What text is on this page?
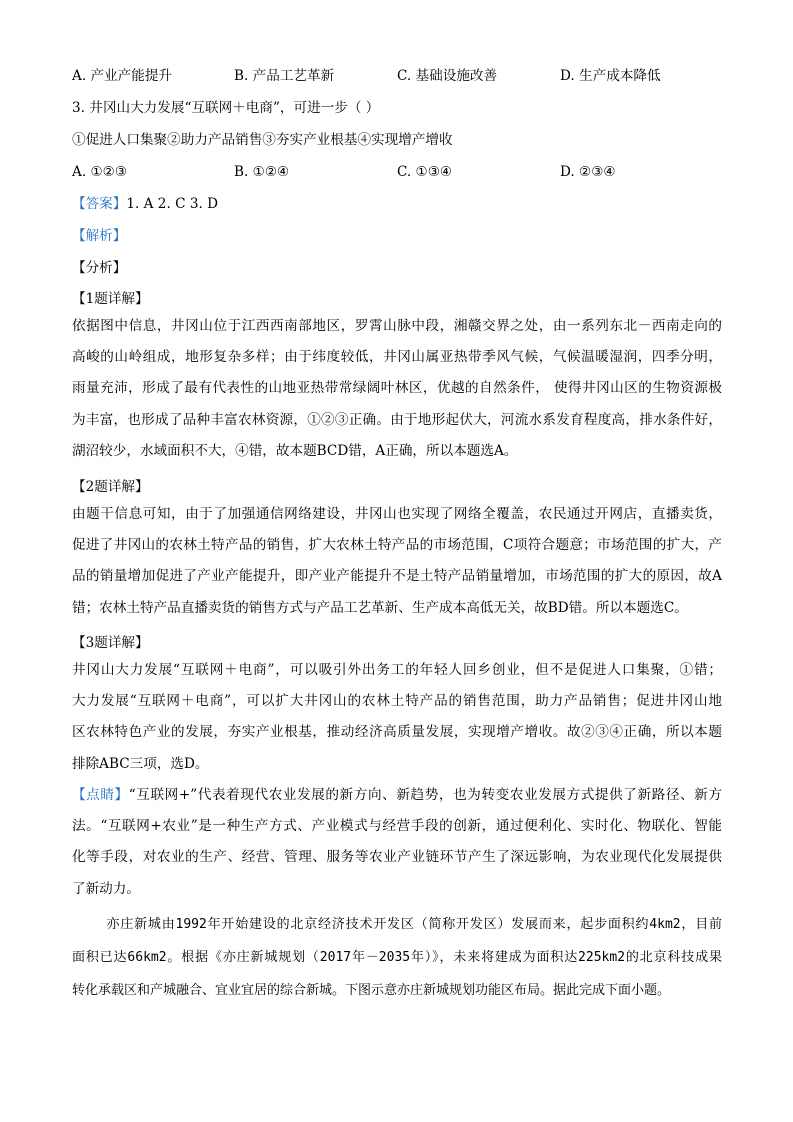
A. 产业产能提升	B. 产品工艺革新	C. 基础设施改善	D. 生产成本降低
3. 井冈山大力发展“互联网＋电商”，可进一步（ ）
①促进人口集聚②助力产品销售③夯实产业根基④实现增产增收
A. ①②③	B. ①②④	C. ①③④	D. ②③④
【答案】1. A 2. C 3. D
【解析】
【分析】
【1题详解】
依据图中信息，井冈山位于江西西南部地区，罗霄山脉中段，湘赣交界之处，由一系列东北－西南走向的
高峻的山岭组成，地形复杂多样；由于纬度较低，井冈山属亚热带季风气候，气候温暖湿润，四季分明，
雨量充沛，形成了最有代表性的山地亚热带常绿阔叶林区，优越的自然条件， 使得井冈山区的生物资源极
为丰富，也形成了品种丰富农林资源，①②③正确。由于地形起伏大，河流水系发育程度高，排水条件好，
湖沼较少，水域面积不大，④错，故本题BCD错，A正确，所以本题选A。
【2题详解】
由题干信息可知，由于了加强通信网络建设，井冈山也实现了网络全覆盖，农民通过开网店，直播卖货，
促进了井冈山的农林土特产品的销售，扩大农林土特产品的市场范围，C项符合题意；市场范围的扩大，产
品的销量增加促进了产业产能提升，即产业产能提升不是土特产品销量增加，市场范围的扩大的原因，故A
错；农林土特产品直播卖货的销售方式与产品工艺革新、生产成本高低无关，故BD错。所以本题选C。
【3题详解】
井冈山大力发展“互联网＋电商”，可以吸引外出务工的年轻人回乡创业，但不是促进人口集聚，①错；
大力发展“互联网＋电商”，可以扩大井冈山的农林土特产品的销售范围，助力产品销售；促进井冈山地
区农林特色产业的发展，夯实产业根基，推动经济高质量发展，实现增产增收。故②③④正确，所以本题
排除ABC三项，选D。
【点睛】“互联网+”代表着现代农业发展的新方向、新趋势，也为转变农业发展方式提供了新路径、新方
法。“互联网+农业”是一种生产方式、产业模式与经营手段的创新，通过便利化、实时化、物联化、智能
化等手段，对农业的生产、经营、管理、服务等农业产业链环节产生了深远影响，为农业现代化发展提供
了新动力。
亦庄新城由1992年开始建设的北京经济技术开发区（简称开发区）发展而来，起步面积约4km2，目前
面积已达66km2。根据《亦庄新城规划（2017年－2035年）》，未来将建成为面积达225km2的北京科技成果
转化承载区和产城融合、宜业宜居的综合新城。下图示意亦庄新城规划功能区布局。据此完成下面小题。
